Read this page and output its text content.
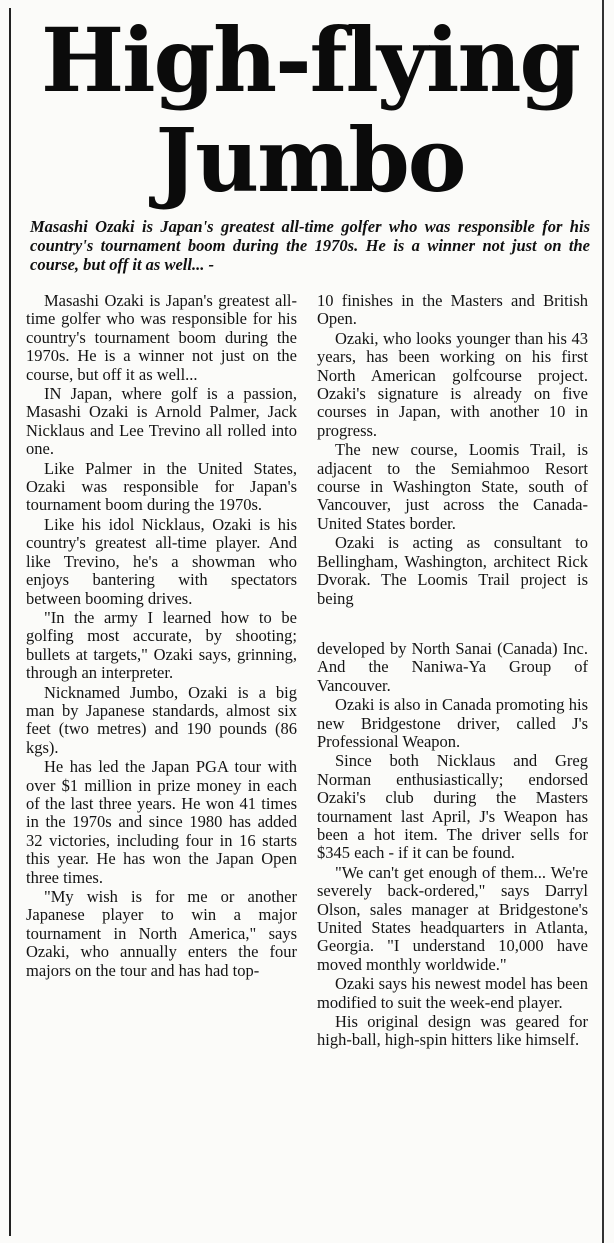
High-flying
Jumbo

Masashi Ozaki is Japan's greatest all-time golfer who was responsible for his country's tournament boom during the 1970s. He is a winner not just on the course, but off it as well... -

Masashi Ozaki is Japan's greatest all-time golfer who was responsible for his country's tournament boom during the 1970s. He is a winner not just on the course, but off it as well...

IN Japan, where golf is a passion, Masashi Ozaki is Arnold Palmer, Jack Nicklaus and Lee Trevino all rolled into one.

Like Palmer in the United States, Ozaki was responsible for Japan's tournament boom during the 1970s.

Like his idol Nicklaus, Ozaki is his country's greatest all-time player. And like Trevino, he's a showman who enjoys bantering with spectators between booming drives.

"In the army I learned how to be golfing most accurate, by shooting; bullets at targets," Ozaki says, grinning, through an interpreter.

Nicknamed Jumbo, Ozaki is a big man by Japanese standards, almost six feet (two metres) and 190 pounds (86 kgs).

He has led the Japan PGA tour with over $1 million in prize money in each of the last three years. He won 41 times in the 1970s and since 1980 has added 32 victories, including four in 16 starts this year. He has won the Japan Open three times.

"My wish is for me or another Japanese player to win a major tournament in North America," says Ozaki, who annually enters the four majors on the tour and has had top-

10 finishes in the Masters and British Open.

Ozaki, who looks younger than his 43 years, has been working on his first North American golfcourse project. Ozaki's signature is already on five courses in Japan, with another 10 in progress.

The new course, Loomis Trail, is adjacent to the Semiahmoo Resort course in Washington State, south of Vancouver, just across the Canada-United States border.

Ozaki is acting as consultant to Bellingham, Washington, architect Rick Dvorak. The Loomis Trail project is being

developed by North Sanai (Canada) Inc. And the Naniwa-Ya Group of Vancouver.

Ozaki is also in Canada promoting his new Bridgestone driver, called J's Professional Weapon.

Since both Nicklaus and Greg Norman enthusiastically; endorsed Ozaki's club during the Masters tournament last April, J's Weapon has been a hot item. The driver sells for $345 each - if it can be found.

"We can't get enough of them... We're severely back-ordered," says Darryl Olson, sales manager at Bridgestone's United States headquarters in Atlanta, Georgia. "I understand 10,000 have moved monthly worldwide."

Ozaki says his newest model has been modified to suit the week-end player.

His original design was geared for high-ball, high-spin hitters like himself.
